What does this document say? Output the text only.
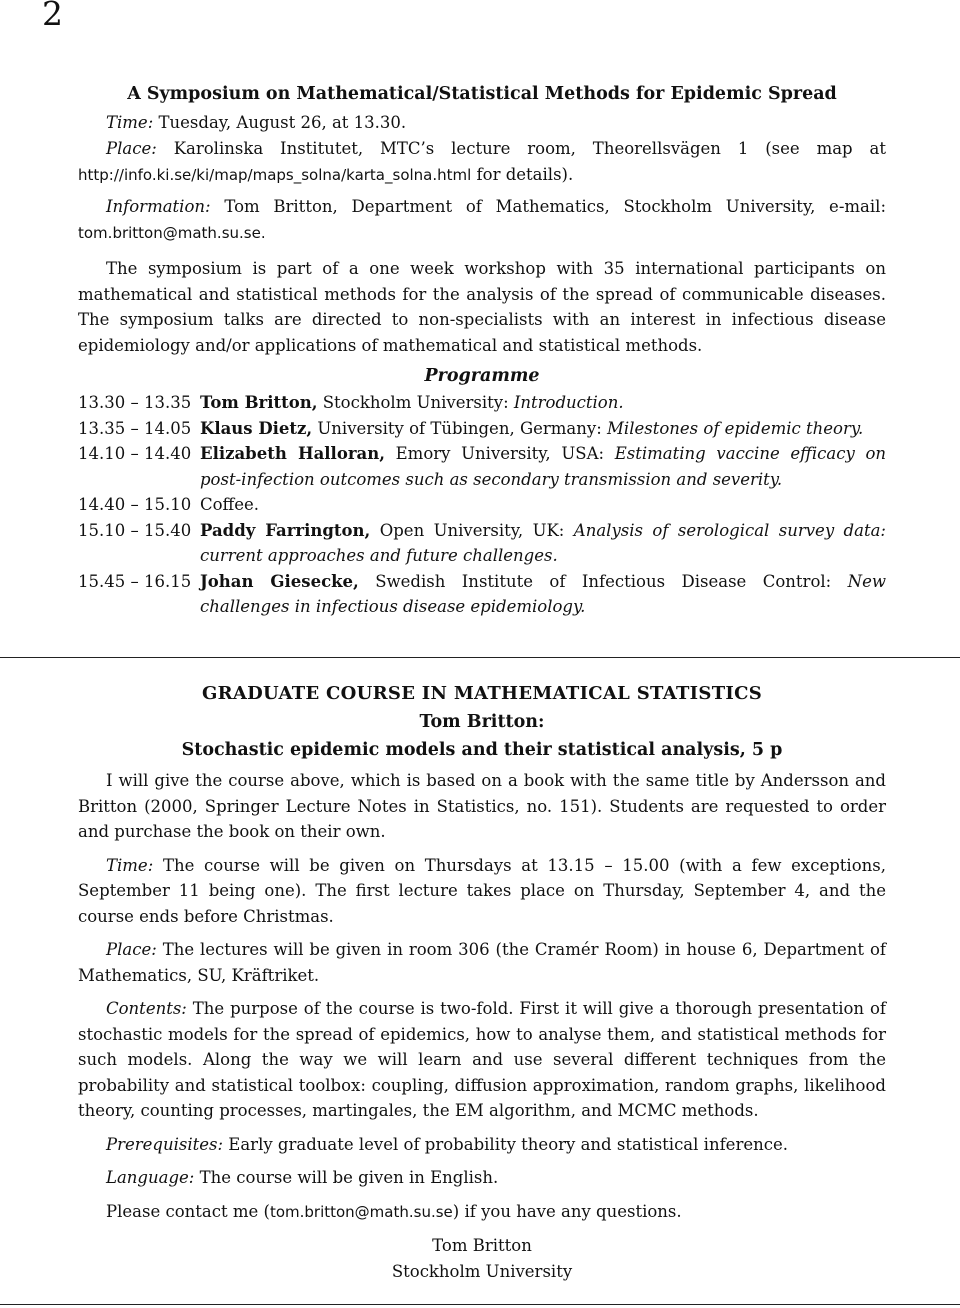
2
A Symposium on Mathematical/Statistical Methods for Epidemic Spread
Time: Tuesday, August 26, at 13.30.
Place: Karolinska Institutet, MTC’s lecture room, Theorellsvägen 1 (see map at http://info.ki.se/ki/map/maps_solna/karta_solna.html for details).
Information: Tom Britton, Department of Mathematics, Stockholm University, e-mail: tom.britton@math.su.se.

The symposium is part of a one week workshop with 35 international participants on mathematical and statistical methods for the analysis of the spread of communicable diseases. The symposium talks are directed to non-specialists with an interest in infectious disease epidemiology and/or applications of mathematical and statistical methods.

Programme
13.30 – 13.35 Tom Britton, Stockholm University: Introduction.
13.35 – 14.05 Klaus Dietz, University of Tübingen, Germany: Milestones of epidemic theory.
14.10 – 14.40 Elizabeth Halloran, Emory University, USA: Estimating vaccine efficacy on post-infection outcomes such as secondary transmission and severity.
14.40 – 15.10 Coffee.
15.10 – 15.40 Paddy Farrington, Open University, UK: Analysis of serological survey data: current approaches and future challenges.
15.45 – 16.15 Johan Giesecke, Swedish Institute of Infectious Disease Control: New challenges in infectious disease epidemiology.
GRADUATE COURSE IN MATHEMATICAL STATISTICS
Tom Britton:
Stochastic epidemic models and their statistical analysis, 5 p

I will give the course above, which is based on a book with the same title by Andersson and Britton (2000, Springer Lecture Notes in Statistics, no. 151). Students are requested to order and purchase the book on their own.

Time: The course will be given on Thursdays at 13.15 – 15.00 (with a few exceptions, September 11 being one). The first lecture takes place on Thursday, September 4, and the course ends before Christmas.

Place: The lectures will be given in room 306 (the Cramér Room) in house 6, Department of Mathematics, SU, Kräftriket.

Contents: The purpose of the course is two-fold. First it will give a thorough presentation of stochastic models for the spread of epidemics, how to analyse them, and statistical methods for such models. Along the way we will learn and use several different techniques from the probability and statistical toolbox: coupling, diffusion approximation, random graphs, likelihood theory, counting processes, martingales, the EM algorithm, and MCMC methods.

Prerequisites: Early graduate level of probability theory and statistical inference.

Language: The course will be given in English.

Please contact me (tom.britton@math.su.se) if you have any questions.

Tom Britton
Stockholm University
